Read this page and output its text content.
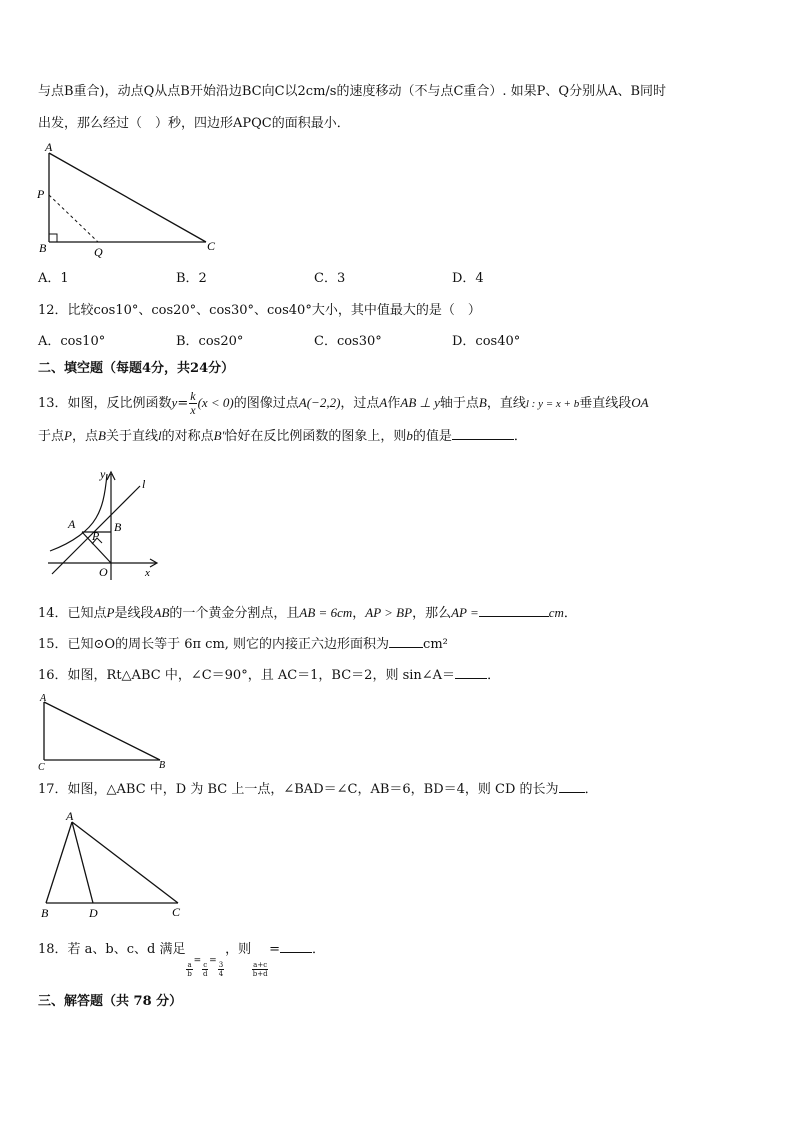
与点B重合)，动点Q从点B开始沿边BC向C以2cm/s的速度移动（不与点C重合）. 如果P、Q分别从A、B同时
出发，那么经过（　）秒，四边形APQC的面积最小．
A
P
B	Q	C
A．1	B．2	C．3	D．4
12．比较cos10°、cos20°、cos30°、cos40°大小，其中值最大的是（　）
A．cos10°	B．cos20°	C．cos30°	D．cos40°
二、填空题（每题4分，共24分）
13．如图，反比例函数$y= \frac{k}{x} (x < 0)$的图像过点A(−2,2)，过点A作AB ⊥ y轴于点B，直线l : y = x + b垂直线段OA
于点P，点B关于直线l的对称点B′恰好在反比例函数的图象上，则b的值是	．
y
l
A	B
P
O	x
14．已知点P是线段AB的一个黄金分割点，且AB = 6cm，AP > BP，那么AP =	cm．
15．已知⊙O的周长等于 6π cm, 则它的内接正六边形面积为	cm²
16．如图，Rt△ABC 中，∠C＝90°，且 AC＝1，BC＝2，则 sin∠A＝ ．
A
C	B
17．如图，△ABC 中，D 为 BC 上一点，∠BAD＝∠C，AB＝6，BD＝4，则 CD 的长为 ．
A
B	D	C
18．若 a、b、c、d 满足
$\frac{a}{b} _= \frac{c}{d} _= \frac{3}{4}$
，则
$\frac{a+c}{b+d}$
= ．
三、解答题（共 78 分）
